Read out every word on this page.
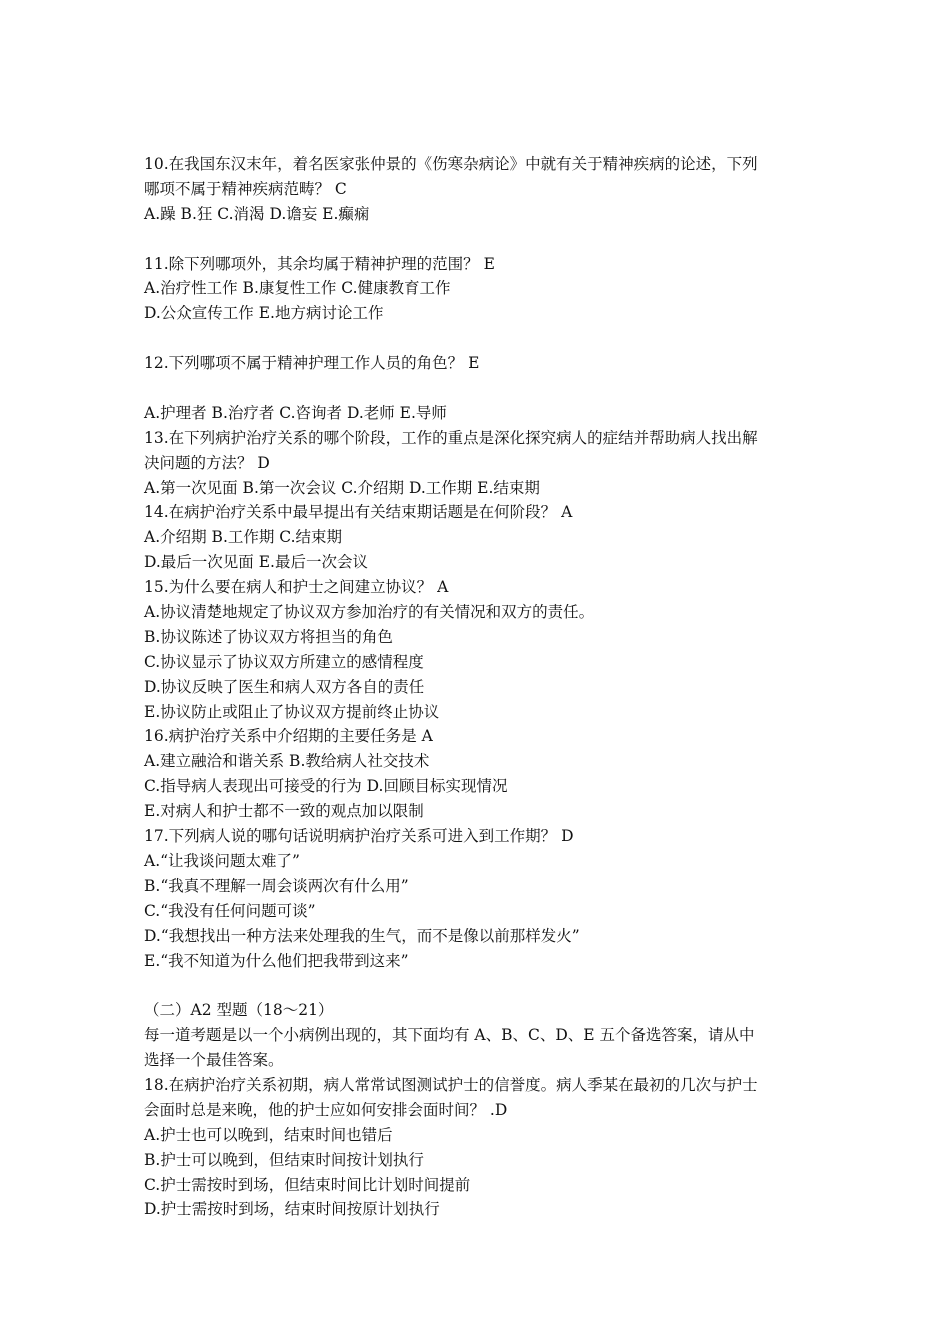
10.在我国东汉末年，着名医家张仲景的《伤寒杂病论》中就有关于精神疾病的论述，下列
哪项不属于精神疾病范畴？ C
A.躁 B.狂 C.消渴 D.谵妄 E.癫痫
11.除下列哪项外，其余均属于精神护理的范围？ E
A.治疗性工作 B.康复性工作 C.健康教育工作
D.公众宣传工作 E.地方病讨论工作
12.下列哪项不属于精神护理工作人员的角色？ E
A.护理者 B.治疗者 C.咨询者 D.老师 E.导师
13.在下列病护治疗关系的哪个阶段，工作的重点是深化探究病人的症结并帮助病人找出解
决问题的方法？ D
A.第一次见面 B.第一次会议 C.介绍期 D.工作期 E.结束期
14.在病护治疗关系中最早提出有关结束期话题是在何阶段？ A
A.介绍期 B.工作期 C.结束期
D.最后一次见面 E.最后一次会议
15.为什么要在病人和护士之间建立协议？ A
A.协议清楚地规定了协议双方参加治疗的有关情况和双方的责任。
B.协议陈述了协议双方将担当的角色
C.协议显示了协议双方所建立的感情程度
D.协议反映了医生和病人双方各自的责任
E.协议防止或阻止了协议双方提前终止协议
16.病护治疗关系中介绍期的主要任务是 A
A.建立融洽和谐关系 B.教给病人社交技术
C.指导病人表现出可接受的行为 D.回顾目标实现情况
E.对病人和护士都不一致的观点加以限制
17.下列病人说的哪句话说明病护治疗关系可进入到工作期？ D
A.“让我谈问题太难了”
B.“我真不理解一周会谈两次有什么用”
C.“我没有任何问题可谈”
D.“我想找出一种方法来处理我的生气，而不是像以前那样发火”
E.“我不知道为什么他们把我带到这来”
（二）A2 型题（18～21）
每一道考题是以一个小病例出现的，其下面均有 A、B、C、D、E 五个备选答案，请从中
选择一个最佳答案。
18.在病护治疗关系初期，病人常常试图测试护士的信誉度。病人季某在最初的几次与护士
会面时总是来晚，他的护士应如何安排会面时间？ .D
A.护士也可以晚到，结束时间也错后
B.护士可以晚到，但结束时间按计划执行
C.护士需按时到场，但结束时间比计划时间提前
D.护士需按时到场，结束时间按原计划执行
